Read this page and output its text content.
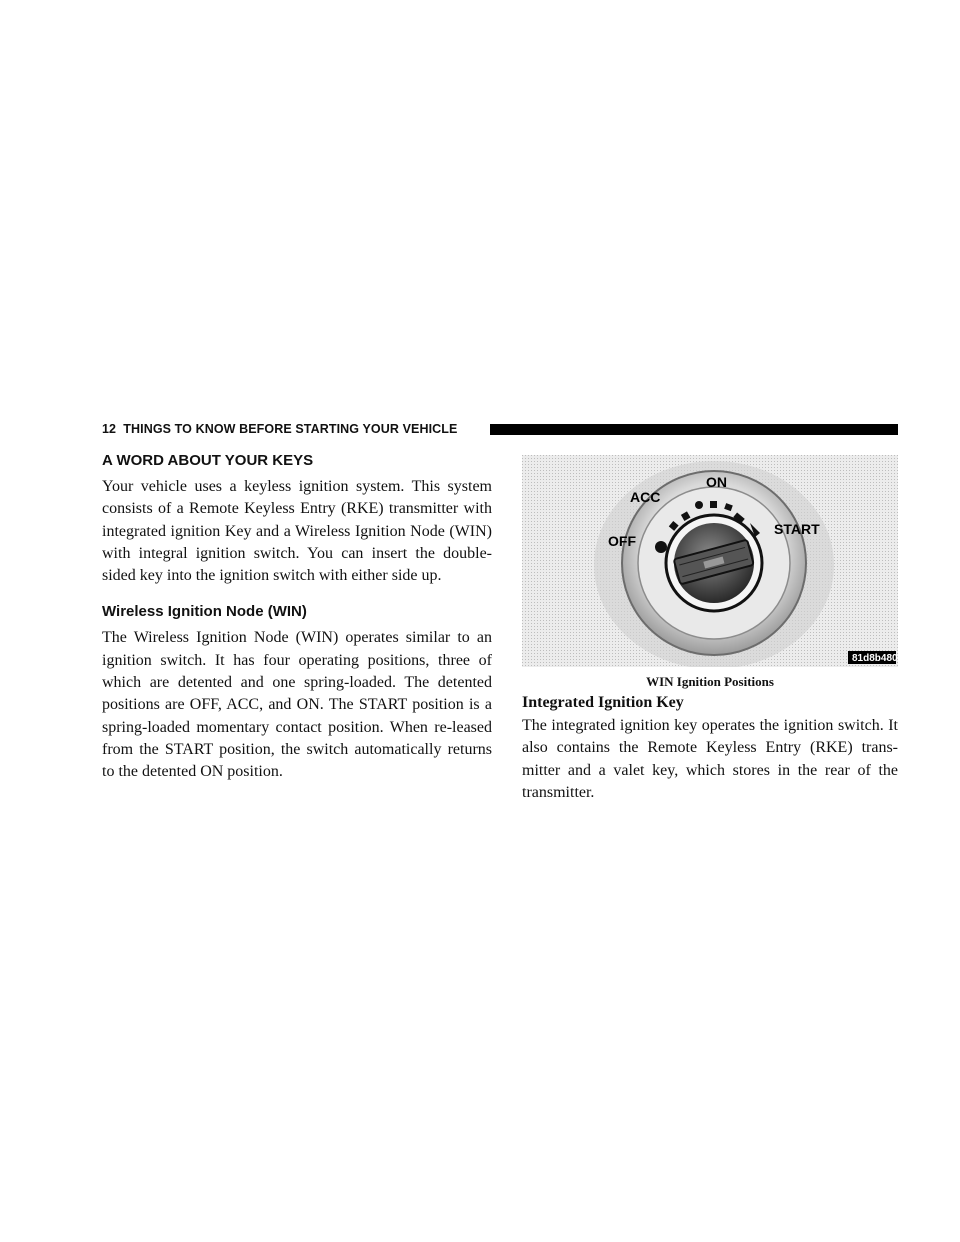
12 THINGS TO KNOW BEFORE STARTING YOUR VEHICLE
A WORD ABOUT YOUR KEYS

Your vehicle uses a keyless ignition system. This system consists of a Remote Keyless Entry (RKE) transmitter with integrated ignition Key and a Wireless Ignition Node (WIN) with integral ignition switch. You can insert the double-sided key into the ignition switch with either side up.

Wireless Ignition Node (WIN)

The Wireless Ignition Node (WIN) operates similar to an ignition switch. It has four operating positions, three of which are detented and one spring-loaded. The detented positions are OFF, ACC, and ON. The START position is a spring-loaded momentary contact position. When re-leased from the START position, the switch automatically returns to the detented ON position.

OFF
ACC
ON
START
81d8b480
WIN Ignition Positions
Integrated Ignition Key

The integrated ignition key operates the ignition switch. It also contains the Remote Keyless Entry (RKE) trans-mitter and a valet key, which stores in the rear of the transmitter.
